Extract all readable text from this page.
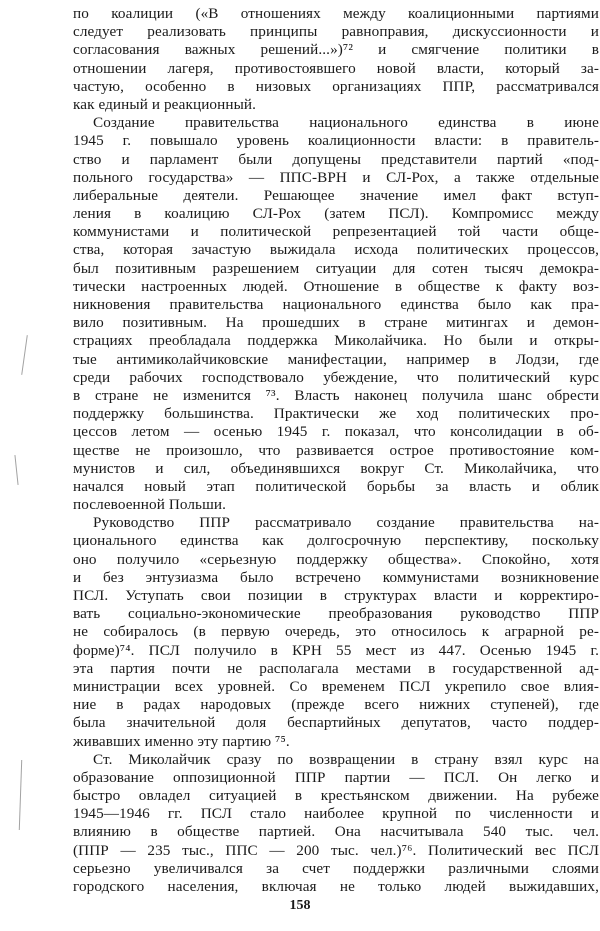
по коалиции («В отношениях между коалиционными партиями
следует реализовать принципы равноправия, дискуссионности и
согласования важных решений...»)⁷² и смягчение политики в
отношении лагеря, противостоявшего новой власти, который за-
частую, особенно в низовых организациях ППР, рассматривался
как единый и реакционный.
Создание правительства национального единства в июне
1945 г. повышало уровень коалиционности власти: в правитель-
ство и парламент были допущены представители партий «под-
польного государства» — ППС-ВРН и СЛ-Рох, а также отдельные
либеральные деятели. Решающее значение имел факт вступ-
ления в коалицию СЛ-Рох (затем ПСЛ). Компромисс между
коммунистами и политической репрезентацией той части обще-
ства, которая зачастую выжидала исхода политических процессов,
был позитивным разрешением ситуации для сотен тысяч демокра-
тически настроенных людей. Отношение в обществе к факту воз-
никновения правительства национального единства было как пра-
вило позитивным. На прошедших в стране митингах и демон-
страциях преобладала поддержка Миколайчика. Но были и откры-
тые антимиколайчиковские манифестации, например в Лодзи, где
среди рабочих господствовало убеждение, что политический курс
в стране не изменится ⁷³. Власть наконец получила шанс обрести
поддержку большинства. Практически же ход политических про-
цессов летом — осенью 1945 г. показал, что консолидации в об-
ществе не произошло, что развивается острое противостояние ком-
мунистов и сил, объединявшихся вокруг Ст. Миколайчика, что
начался новый этап политической борьбы за власть и облик
послевоенной Польши.
Руководство ППР рассматривало создание правительства на-
ционального единства как долгосрочную перспективу, поскольку
оно получило «серьезную поддержку общества». Спокойно, хотя
и без энтузиазма было встречено коммунистами возникновение
ПСЛ. Уступать свои позиции в структурах власти и корректиро-
вать социально-экономические преобразования руководство ППР
не собиралось (в первую очередь, это относилось к аграрной ре-
форме)⁷⁴. ПСЛ получило в КРН 55 мест из 447. Осенью 1945 г.
эта партия почти не располагала местами в государственной ад-
министрации всех уровней. Со временем ПСЛ укрепило свое влия-
ние в радах народовых (прежде всего нижних ступеней), где
была значительной доля беспартийных депутатов, часто поддер-
живавших именно эту партию ⁷⁵.
Ст. Миколайчик сразу по возвращении в страну взял курс на
образование оппозиционной ППР партии — ПСЛ. Он легко и
быстро овладел ситуацией в крестьянском движении. На рубеже
1945—1946 гг. ПСЛ стало наиболее крупной по численности и
влиянию в обществе партией. Она насчитывала 540 тыс. чел.
(ППР — 235 тыс., ППС — 200 тыс. чел.)⁷⁶. Политический вес ПСЛ
серьезно увеличивался за счет поддержки различными слоями
городского населения, включая не только людей выжидавших,
158
